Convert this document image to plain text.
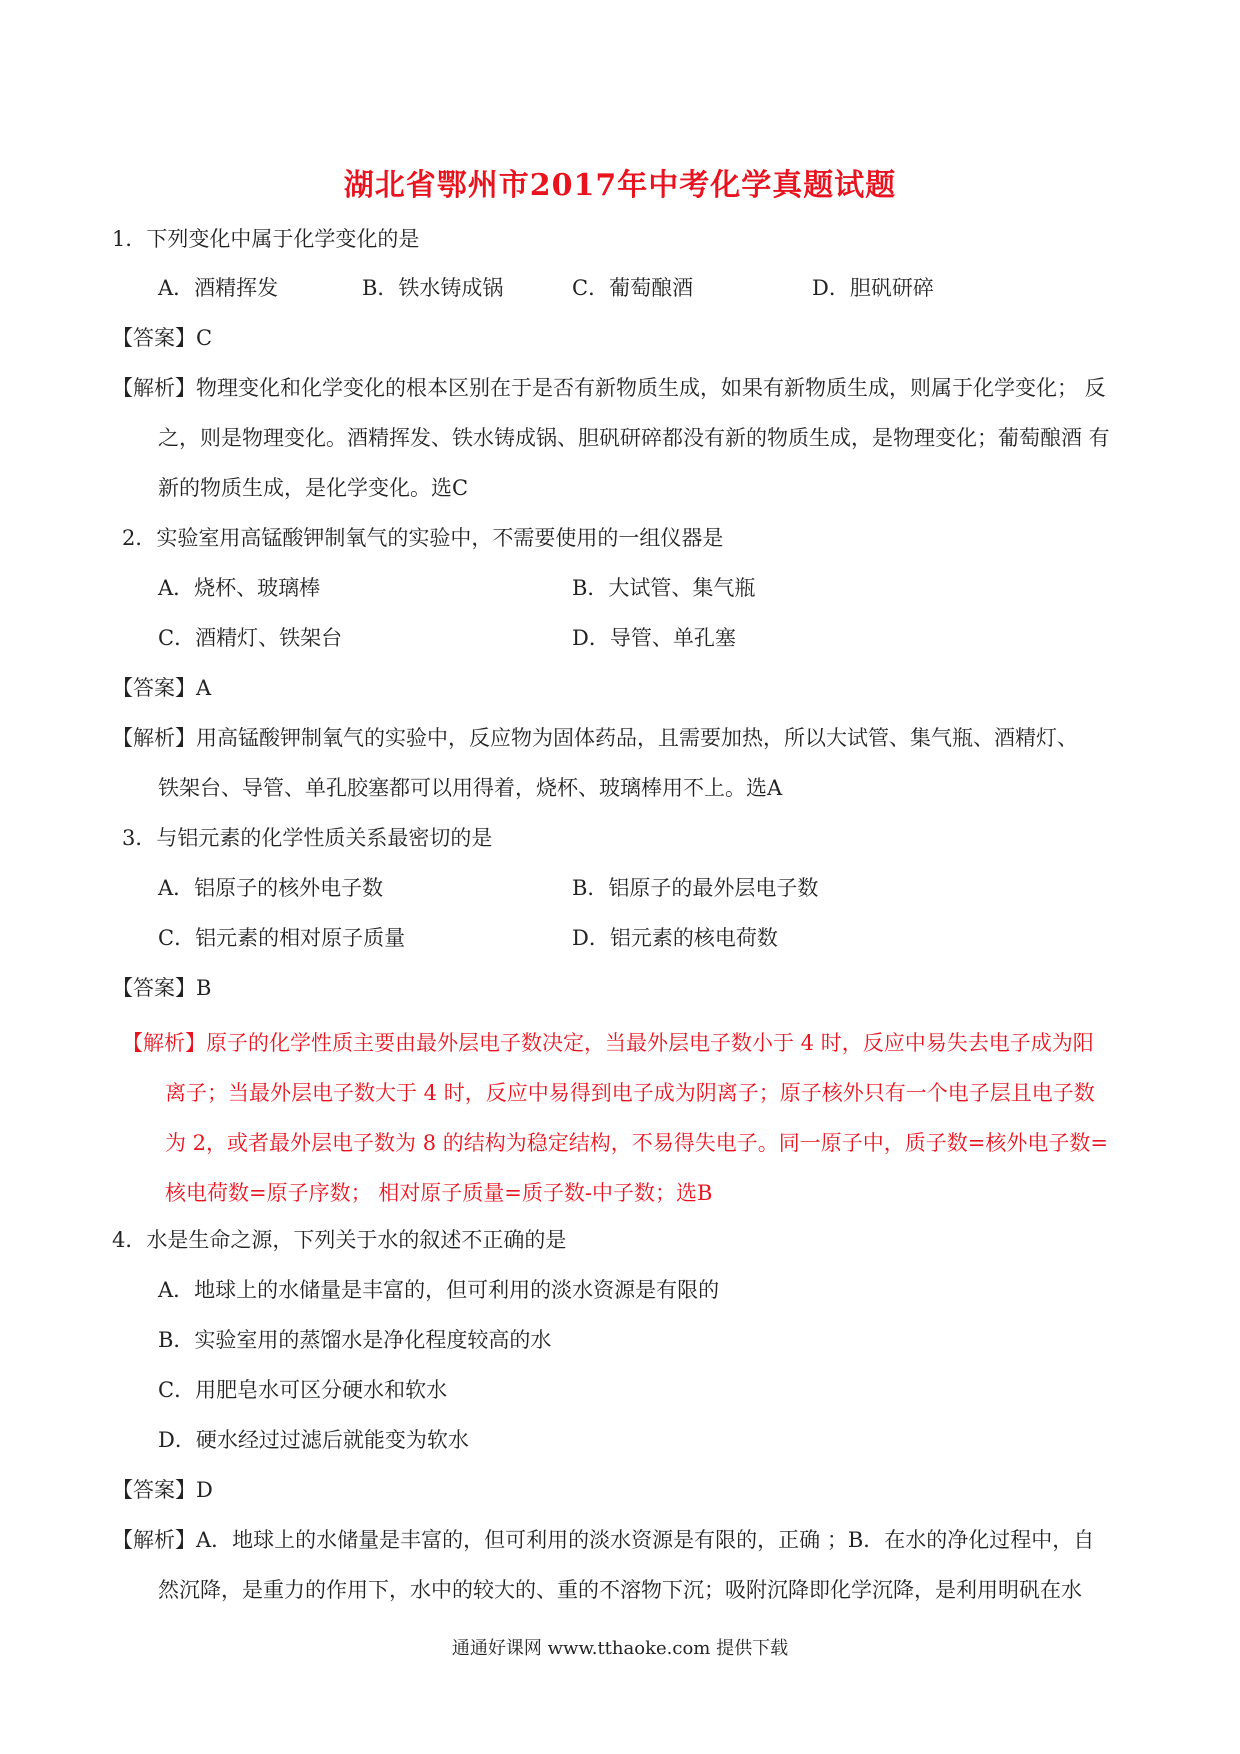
湖北省鄂州市2017年中考化学真题试题
1．下列变化中属于化学变化的是
A．酒精挥发	B．铁水铸成锅	C．葡萄酿酒	D．胆矾研碎
【答案】C
【解析】物理变化和化学变化的根本区别在于是否有新物质生成，如果有新物质生成，则属于化学变化； 反
之，则是物理变化。酒精挥发、铁水铸成锅、胆矾研碎都没有新的物质生成，是物理变化；葡萄酿酒 有
新的物质生成，是化学变化。选C
2．实验室用高锰酸钾制氧气的实验中，不需要使用的一组仪器是
A．烧杯、玻璃棒	B．大试管、集气瓶
C．酒精灯、铁架台	D．导管、单孔塞
【答案】A
【解析】用高锰酸钾制氧气的实验中，反应物为固体药品，且需要加热，所以大试管、集气瓶、酒精灯、
铁架台、导管、单孔胶塞都可以用得着，烧杯、玻璃棒用不上。选A
3．与铝元素的化学性质关系最密切的是
A．铝原子的核外电子数	B．铝原子的最外层电子数
C．铝元素的相对原子质量	D．铝元素的核电荷数
【答案】B
【解析】原子的化学性质主要由最外层电子数决定，当最外层电子数小于 4 时，反应中易失去电子成为阳
离子；当最外层电子数大于 4 时，反应中易得到电子成为阴离子；原子核外只有一个电子层且电子数
为 2，或者最外层电子数为 8 的结构为稳定结构，不易得失电子。同一原子中，质子数=核外电子数=
核电荷数=原子序数； 相对原子质量=质子数-中子数；选B
4．水是生命之源，下列关于水的叙述不正确的是
A．地球上的水储量是丰富的，但可利用的淡水资源是有限的
B．实验室用的蒸馏水是净化程度较高的水
C．用肥皂水可区分硬水和软水
D．硬水经过过滤后就能变为软水
【答案】D
【解析】A．地球上的水储量是丰富的，但可利用的淡水资源是有限的，正确 ；B．在水的净化过程中，自
然沉降，是重力的作用下，水中的较大的、重的不溶物下沉；吸附沉降即化学沉降，是利用明矾在水
通通好课网 www.tthaoke.com 提供下载
